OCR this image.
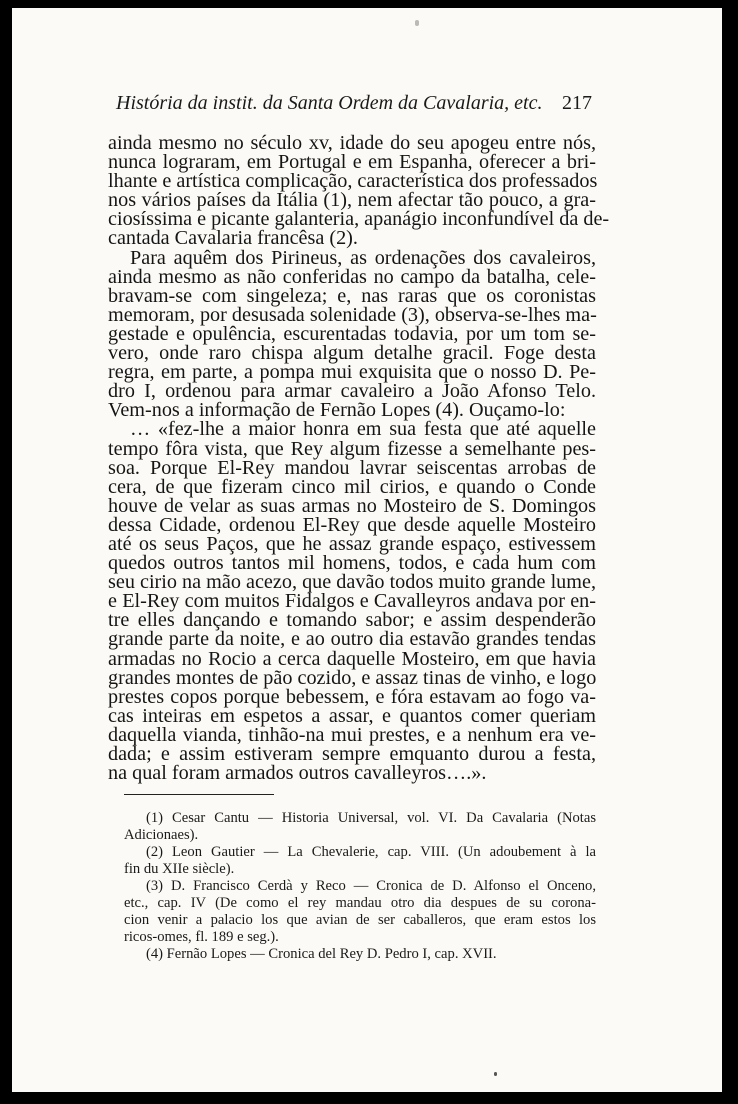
História da instit. da Santa Ordem da Cavalaria, etc. 217
ainda mesmo no século xv, idade do seu apogeu entre nós,
nunca lograram, em Portugal e em Espanha, oferecer a bri-
lhante e artística complicação, característica dos professados
nos vários países da Itália (1), nem afectar tão pouco, a gra-
ciosíssima e picante galanteria, apanágio inconfundível da de-
cantada Cavalaria francêsa (2).
Para aquêm dos Pirineus, as ordenações dos cavaleiros,
ainda mesmo as não conferidas no campo da batalha, cele-
bravam-se com singeleza; e, nas raras que os coronistas
memoram, por desusada solenidade (3), observa-se-lhes ma-
gestade e opulência, escurentadas todavia, por um tom se-
vero, onde raro chispa algum detalhe gracil. Foge desta
regra, em parte, a pompa mui exquisita que o nosso D. Pe-
dro I, ordenou para armar cavaleiro a João Afonso Telo.
Vem-nos a informação de Fernão Lopes (4). Ouçamo-lo:
… «fez-lhe a maior honra em sua festa que até aquelle
tempo fôra vista, que Rey algum fizesse a semelhante pes-
soa. Porque El-Rey mandou lavrar seiscentas arrobas de
cera, de que fizeram cinco mil cirios, e quando o Conde
houve de velar as suas armas no Mosteiro de S. Domingos
dessa Cidade, ordenou El-Rey que desde aquelle Mosteiro
até os seus Paços, que he assaz grande espaço, estivessem
quedos outros tantos mil homens, todos, e cada hum com
seu cirio na mão acezo, que davão todos muito grande lume,
e El-Rey com muitos Fidalgos e Cavalleyros andava por en-
tre elles dançando e tomando sabor; e assim despenderão
grande parte da noite, e ao outro dia estavão grandes tendas
armadas no Rocio a cerca daquelle Mosteiro, em que havia
grandes montes de pão cozido, e assaz tinas de vinho, e logo
prestes copos porque bebessem, e fóra estavam ao fogo va-
cas inteiras em espetos a assar, e quantos comer queriam
daquella vianda, tinhão-na mui prestes, e a nenhum era ve-
dada; e assim estiveram sempre emquanto durou a festa,
na qual foram armados outros cavalleyros….».
(1) Cesar Cantu — Historia Universal, vol. VI. Da Cavalaria (Notas
Adicionaes).
(2) Leon Gautier — La Chevalerie, cap. VIII. (Un adoubement à la
fin du XIIe siècle).
(3) D. Francisco Cerdà y Reco — Cronica de D. Alfonso el Onceno,
etc., cap. IV (De como el rey mandau otro dia despues de su corona-
cion venir a palacio los que avian de ser caballeros, que eram estos los
ricos-omes, fl. 189 e seg.).
(4) Fernão Lopes — Cronica del Rey D. Pedro I, cap. XVII.
